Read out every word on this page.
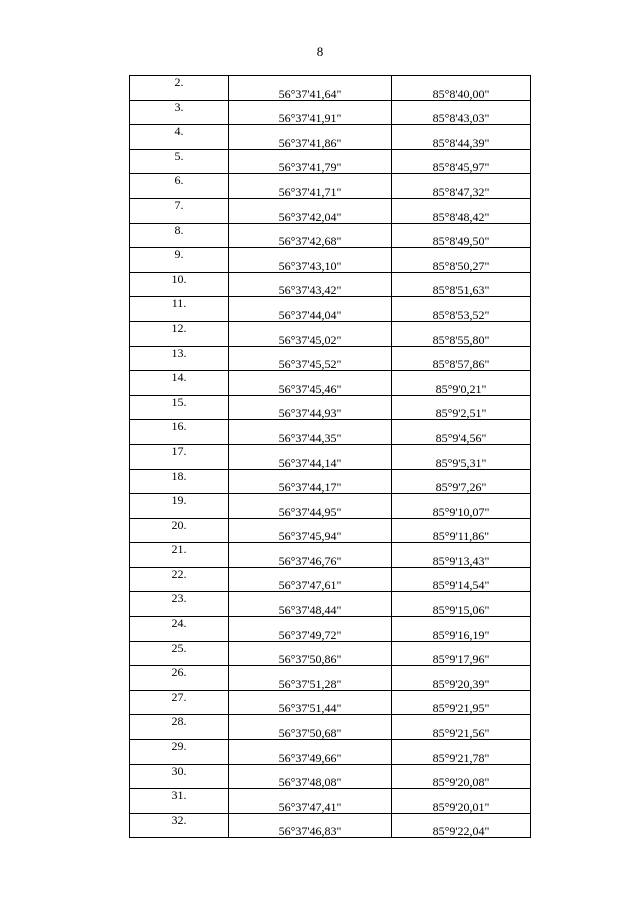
8
2.	56°37'41,64"	85°8'40,00"
3.	56°37'41,91"	85°8'43,03"
4.	56°37'41,86"	85°8'44,39"
5.	56°37'41,79"	85°8'45,97"
6.	56°37'41,71"	85°8'47,32"
7.	56°37'42,04"	85°8'48,42"
8.	56°37'42,68"	85°8'49,50"
9.	56°37'43,10"	85°8'50,27"
10.	56°37'43,42"	85°8'51,63"
11.	56°37'44,04"	85°8'53,52"
12.	56°37'45,02"	85°8'55,80"
13.	56°37'45,52"	85°8'57,86"
14.	56°37'45,46"	85°9'0,21"
15.	56°37'44,93"	85°9'2,51"
16.	56°37'44,35"	85°9'4,56"
17.	56°37'44,14"	85°9'5,31"
18.	56°37'44,17"	85°9'7,26"
19.	56°37'44,95"	85°9'10,07"
20.	56°37'45,94"	85°9'11,86"
21.	56°37'46,76"	85°9'13,43"
22.	56°37'47,61"	85°9'14,54"
23.	56°37'48,44"	85°9'15,06"
24.	56°37'49,72"	85°9'16,19"
25.	56°37'50,86"	85°9'17,96"
26.	56°37'51,28"	85°9'20,39"
27.	56°37'51,44"	85°9'21,95"
28.	56°37'50,68"	85°9'21,56"
29.	56°37'49,66"	85°9'21,78"
30.	56°37'48,08"	85°9'20,08"
31.	56°37'47,41"	85°9'20,01"
32.	56°37'46,83"	85°9'22,04"
